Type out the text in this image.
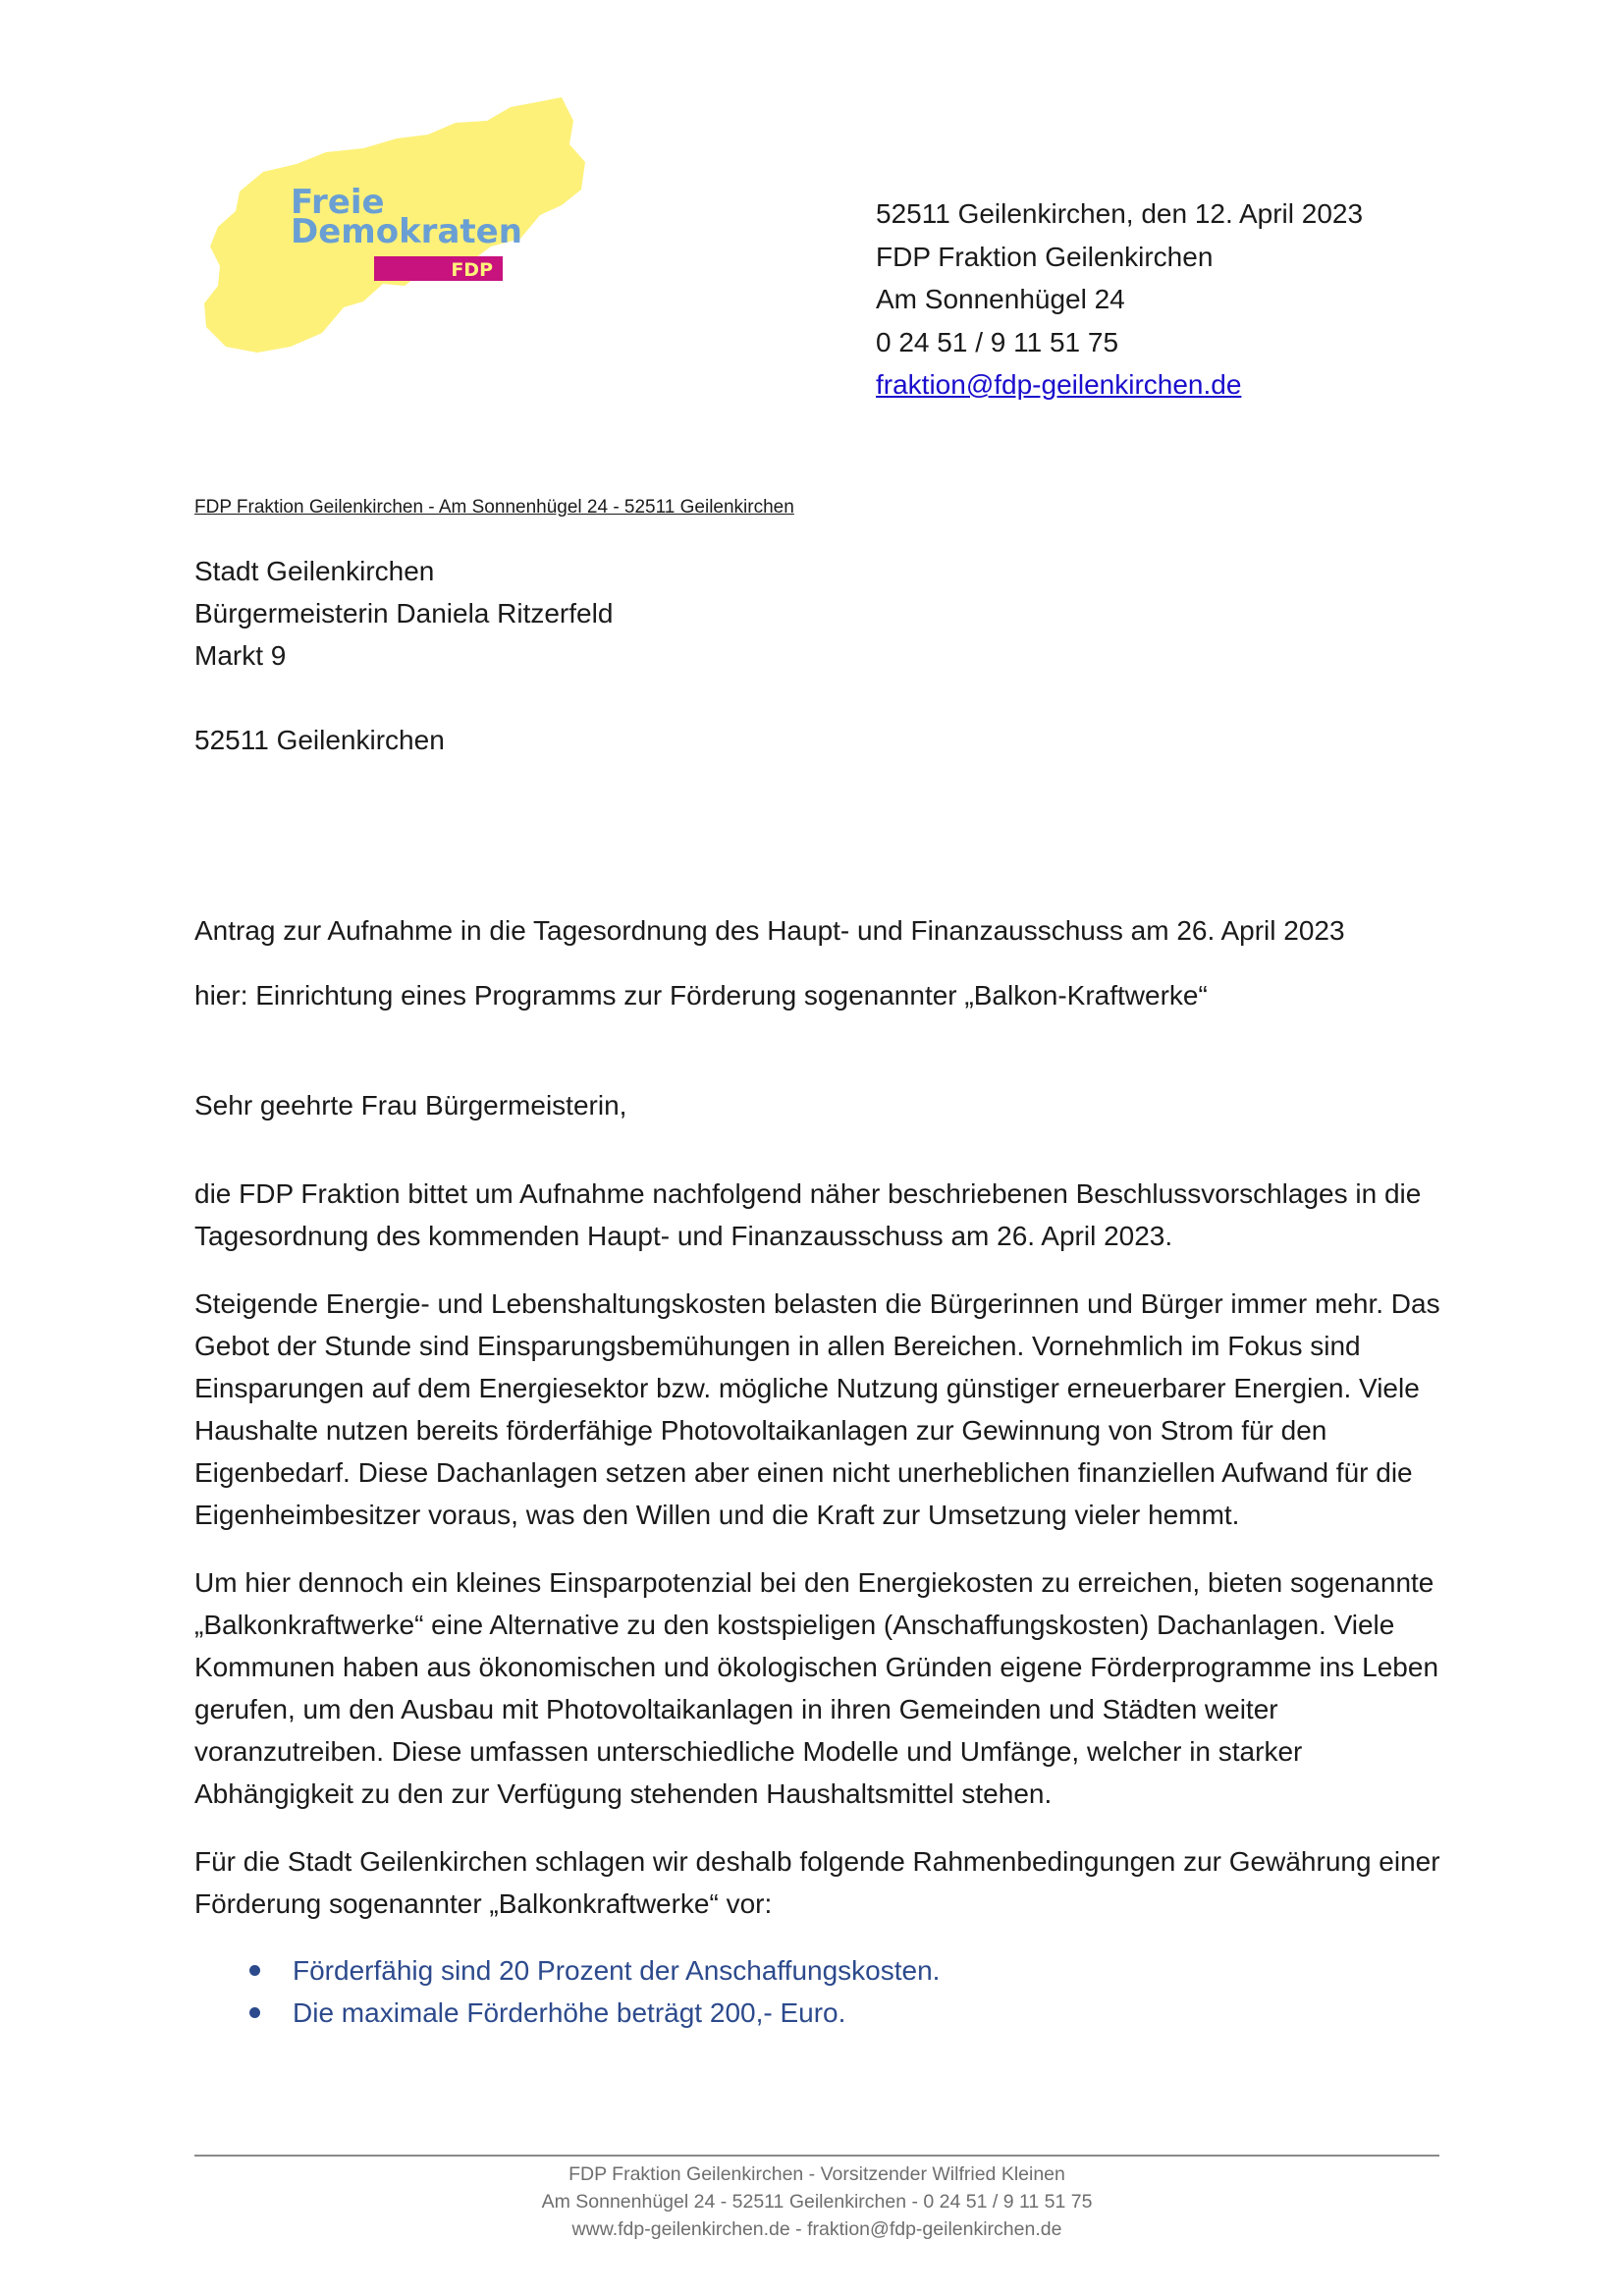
Freie
Demokraten
FDP
52511 Geilenkirchen, den 12. April 2023
FDP Fraktion Geilenkirchen
Am Sonnenhügel 24
0 24 51 / 9 11 51 75
fraktion@fdp-geilenkirchen.de
FDP Fraktion Geilenkirchen - Am Sonnenhügel 24 - 52511 Geilenkirchen
Stadt Geilenkirchen
Bürgermeisterin Daniela Ritzerfeld
Markt 9
52511 Geilenkirchen
Antrag zur Aufnahme in die Tagesordnung des Haupt- und Finanzausschuss am 26. April 2023
hier: Einrichtung eines Programms zur Förderung sogenannter „Balkon-Kraftwerke“
Sehr geehrte Frau Bürgermeisterin,
die FDP Fraktion bittet um Aufnahme nachfolgend näher beschriebenen Beschlussvorschlages in die
Tagesordnung des kommenden Haupt- und Finanzausschuss am 26. April 2023.
Steigende Energie- und Lebenshaltungskosten belasten die Bürgerinnen und Bürger immer mehr. Das
Gebot der Stunde sind Einsparungsbemühungen in allen Bereichen. Vornehmlich im Fokus sind
Einsparungen auf dem Energiesektor bzw. mögliche Nutzung günstiger erneuerbarer Energien. Viele
Haushalte nutzen bereits förderfähige Photovoltaikanlagen zur Gewinnung von Strom für den
Eigenbedarf. Diese Dachanlagen setzen aber einen nicht unerheblichen finanziellen Aufwand für die
Eigenheimbesitzer voraus, was den Willen und die Kraft zur Umsetzung vieler hemmt.
Um hier dennoch ein kleines Einsparpotenzial bei den Energiekosten zu erreichen, bieten sogenannte
„Balkonkraftwerke“ eine Alternative zu den kostspieligen (Anschaffungskosten) Dachanlagen. Viele
Kommunen haben aus ökonomischen und ökologischen Gründen eigene Förderprogramme ins Leben
gerufen, um den Ausbau mit Photovoltaikanlagen in ihren Gemeinden und Städten weiter
voranzutreiben. Diese umfassen unterschiedliche Modelle und Umfänge, welcher in starker
Abhängigkeit zu den zur Verfügung stehenden Haushaltsmittel stehen.
Für die Stadt Geilenkirchen schlagen wir deshalb folgende Rahmenbedingungen zur Gewährung einer
Förderung sogenannter „Balkonkraftwerke“ vor:
Förderfähig sind 20 Prozent der Anschaffungskosten.
Die maximale Förderhöhe beträgt 200,- Euro.
FDP Fraktion Geilenkirchen - Vorsitzender Wilfried Kleinen
Am Sonnenhügel 24 - 52511 Geilenkirchen - 0 24 51 / 9 11 51 75
www.fdp-geilenkirchen.de - fraktion@fdp-geilenkirchen.de
